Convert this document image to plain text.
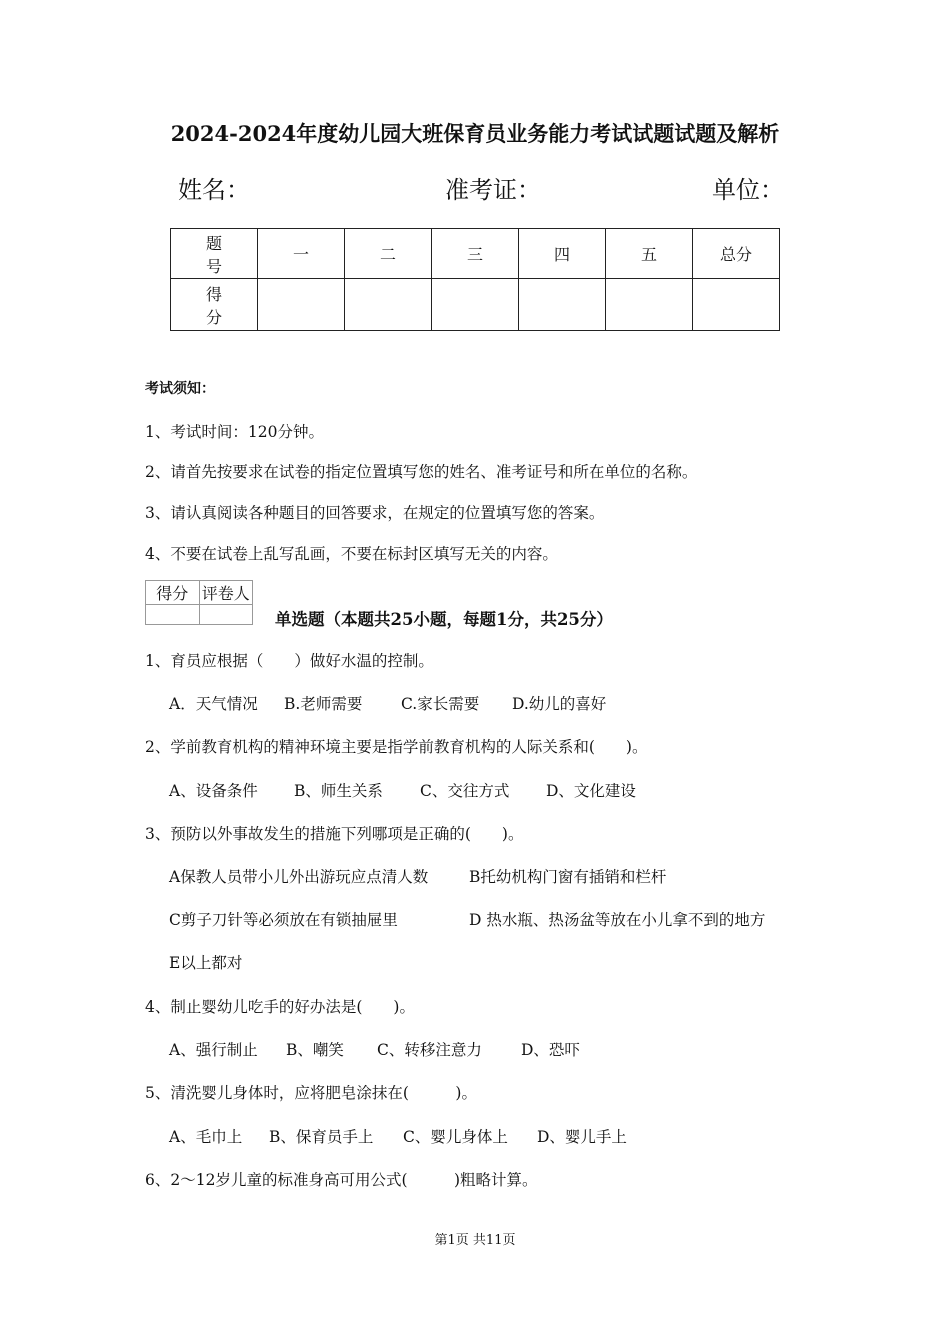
2024-2024年度幼儿园大班保育员业务能力考试试题试题及解析
姓名：	准考证：	单位：
题　号	一	二	三	四	五	总分
得　分						
考试须知：
1、考试时间：120分钟。
2、请首先按要求在试卷的指定位置填写您的姓名、准考证号和所在单位的名称。
3、请认真阅读各种题目的回答要求，在规定的位置填写您的答案。
4、不要在试卷上乱写乱画，不要在标封区填写无关的内容。
得分	评卷人

单选题（本题共25小题，每题1分，共25分）
1、育员应根据（　　）做好水温的控制。
A．天气情况 B.老师需要 C.家长需要 D.幼儿的喜好
2、学前教育机构的精神环境主要是指学前教育机构的人际关系和(　　)。
A、设备条件 B、师生关系 C、交往方式 D、文化建设
3、预防以外事故发生的措施下列哪项是正确的(　　)。
A保教人员带小儿外出游玩应点清人数	B托幼机构门窗有插销和栏杆
C剪子刀针等必须放在有锁抽屉里	D 热水瓶、热汤盆等放在小儿拿不到的地方
E以上都对
4、制止婴幼儿吃手的好办法是(　　)。
A、强行制止 B、嘲笑 C、转移注意力	D、恐吓
5、清洗婴儿身体时，应将肥皂涂抹在(　　　)。
A、毛巾上 B、保育员手上 C、婴儿身体上 D、婴儿手上
6、2～12岁儿童的标准身高可用公式(　　　)粗略计算。
第1页 共11页
